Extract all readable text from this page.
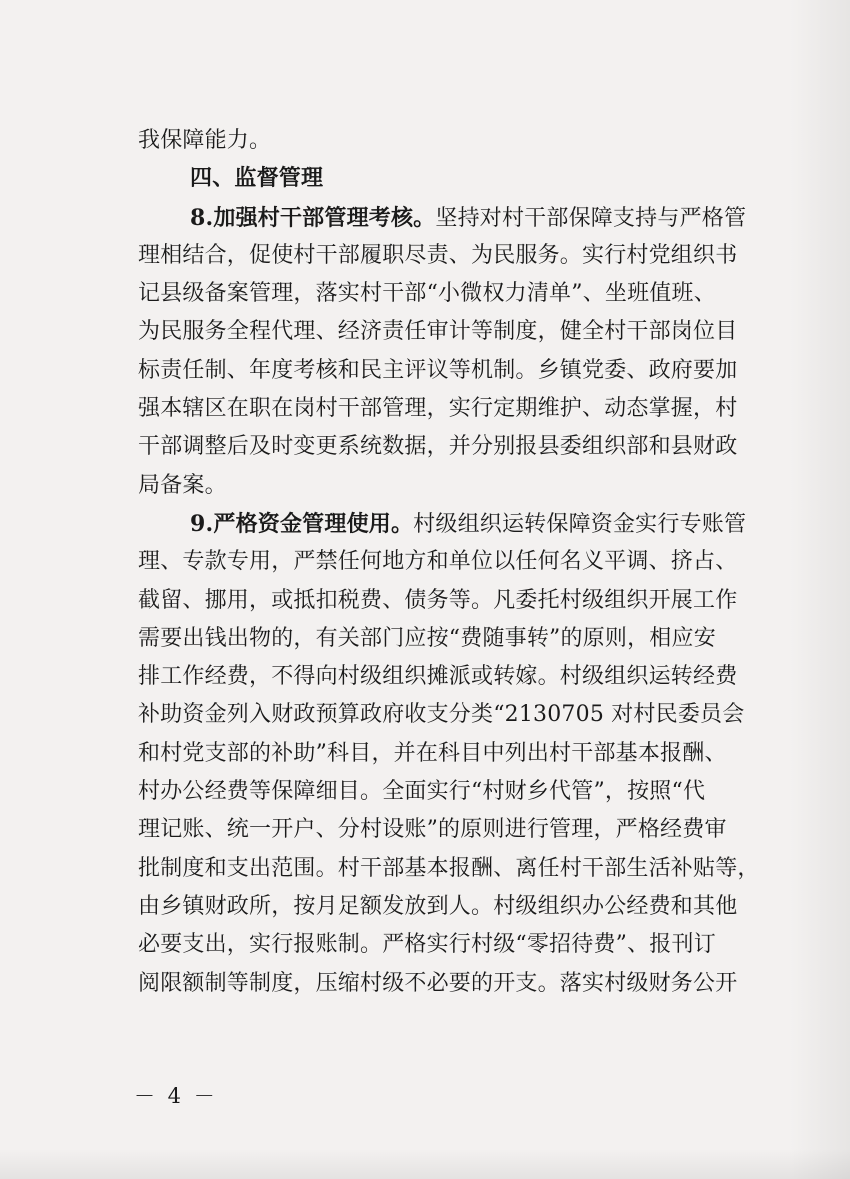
我保障能力。
四、监督管理
8.加强村干部管理考核。坚持对村干部保障支持与严格管
理相结合，促使村干部履职尽责、为民服务。实行村党组织书
记县级备案管理，落实村干部“小微权力清单”、坐班值班、
为民服务全程代理、经济责任审计等制度，健全村干部岗位目
标责任制、年度考核和民主评议等机制。乡镇党委、政府要加
强本辖区在职在岗村干部管理，实行定期维护、动态掌握，村
干部调整后及时变更系统数据，并分别报县委组织部和县财政
局备案。
9.严格资金管理使用。村级组织运转保障资金实行专账管
理、专款专用，严禁任何地方和单位以任何名义平调、挤占、
截留、挪用，或抵扣税费、债务等。凡委托村级组织开展工作
需要出钱出物的，有关部门应按“费随事转”的原则，相应安
排工作经费，不得向村级组织摊派或转嫁。村级组织运转经费
补助资金列入财政预算政府收支分类“2130705 对村民委员会
和村党支部的补助”科目，并在科目中列出村干部基本报酬、
村办公经费等保障细目。全面实行“村财乡代管”，按照“代
理记账、统一开户、分村设账”的原则进行管理，严格经费审
批制度和支出范围。村干部基本报酬、离任村干部生活补贴等，
由乡镇财政所，按月足额发放到人。村级组织办公经费和其他
必要支出，实行报账制。严格实行村级“零招待费”、报刊订
阅限额制等制度，压缩村级不必要的开支。落实村级财务公开
－ 4 －
